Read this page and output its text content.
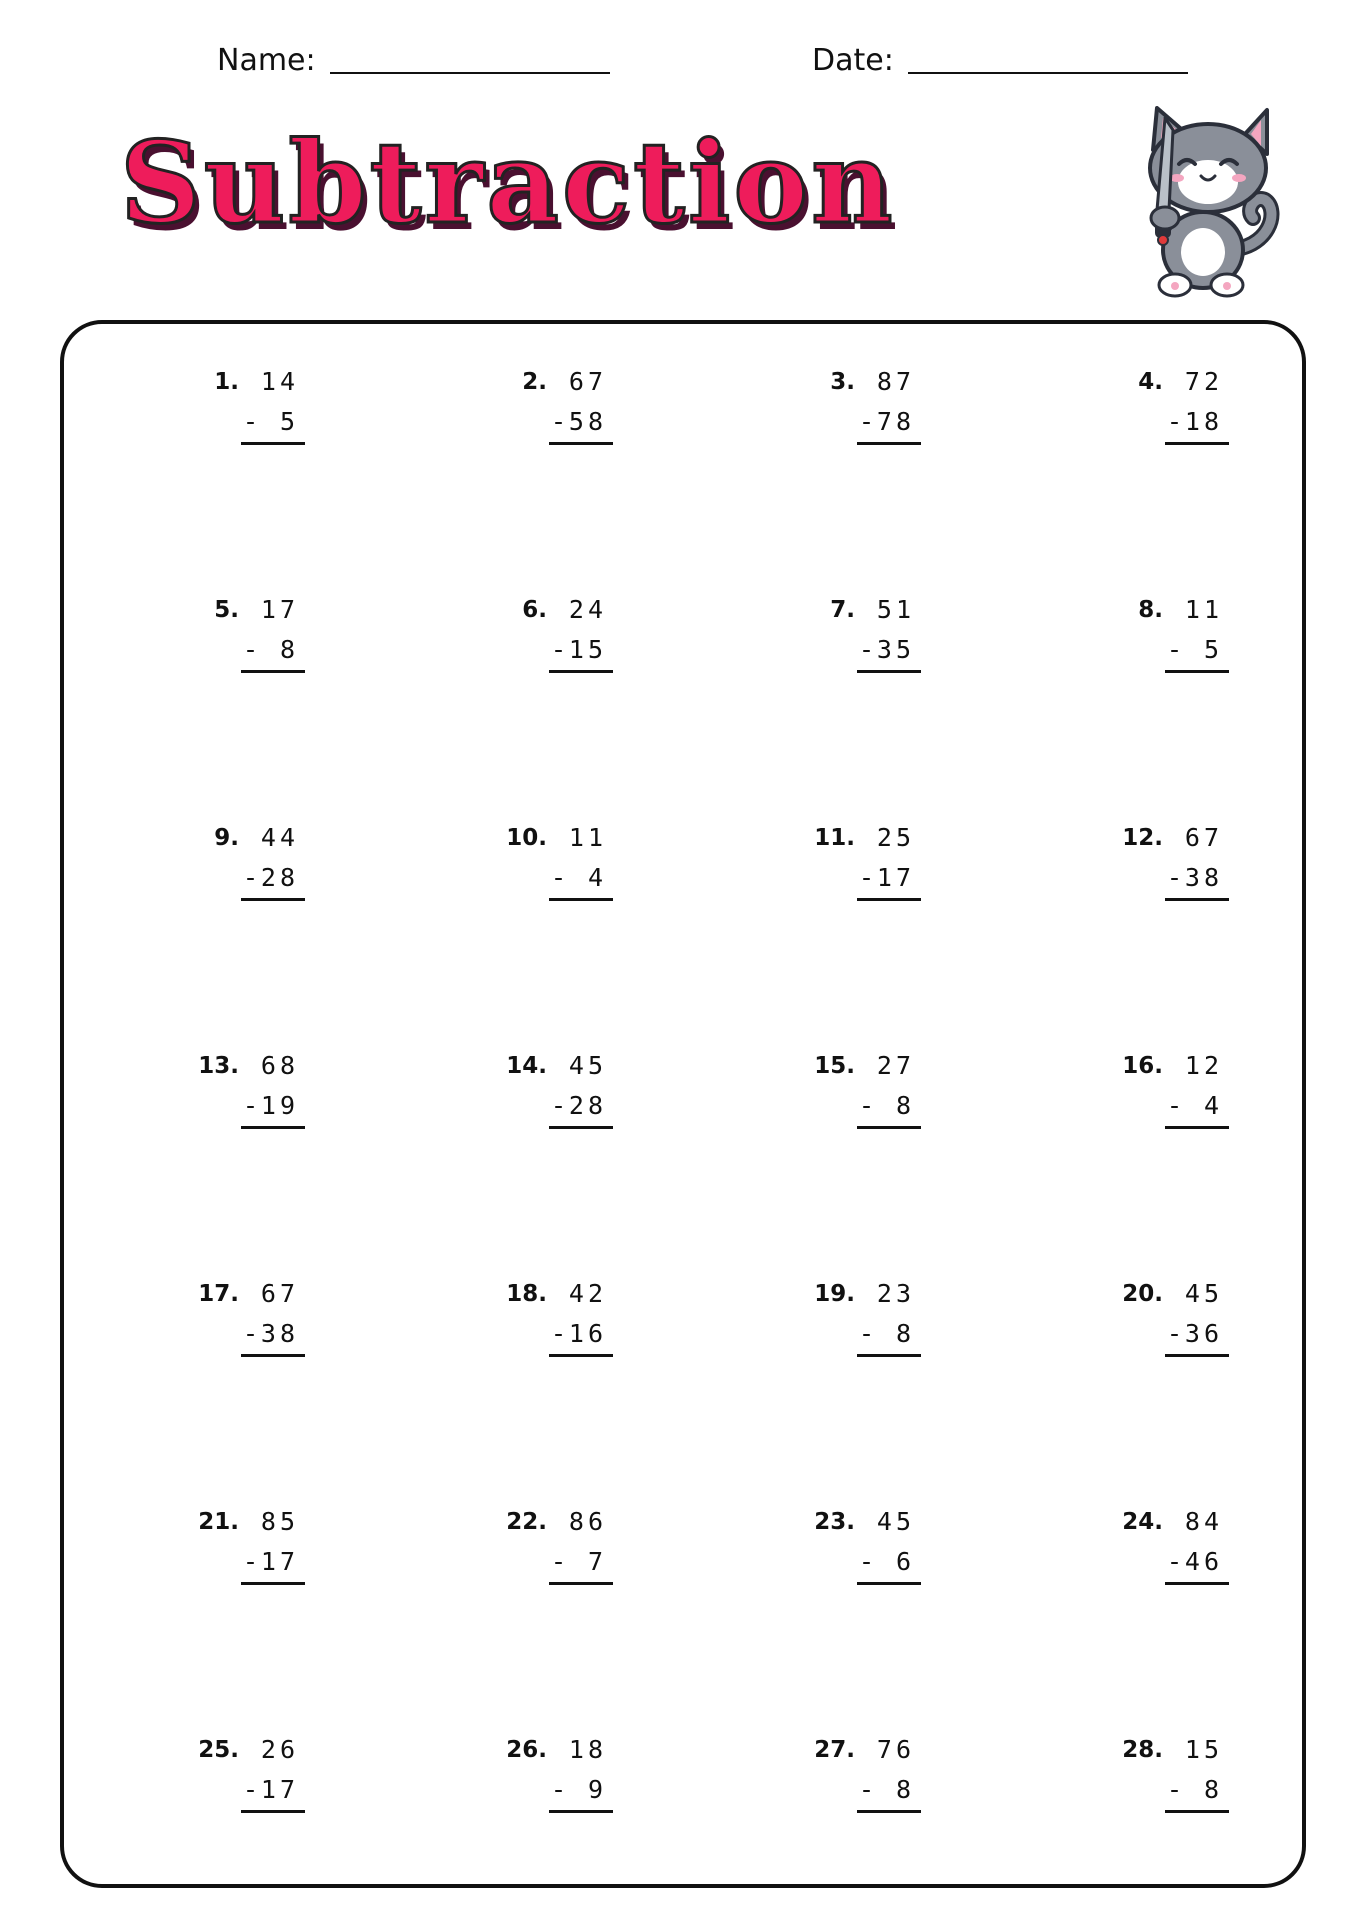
Name:	Date:
Subtraction
1. 14
- 5
2. 67
- 58
3. 87
- 78
4. 72
- 18
5. 17
- 8
6. 24
- 15
7. 51
- 35
8. 11
- 5
9. 44
- 28
10. 11
- 4
11. 25
- 17
12. 67
- 38
13. 68
- 19
14. 45
- 28
15. 27
- 8
16. 12
- 4
17. 67
- 38
18. 42
- 16
19. 23
- 8
20. 45
- 36
21. 85
- 17
22. 86
- 7
23. 45
- 6
24. 84
- 46
25. 26
- 17
26. 18
- 9
27. 76
- 8
28. 15
- 8
